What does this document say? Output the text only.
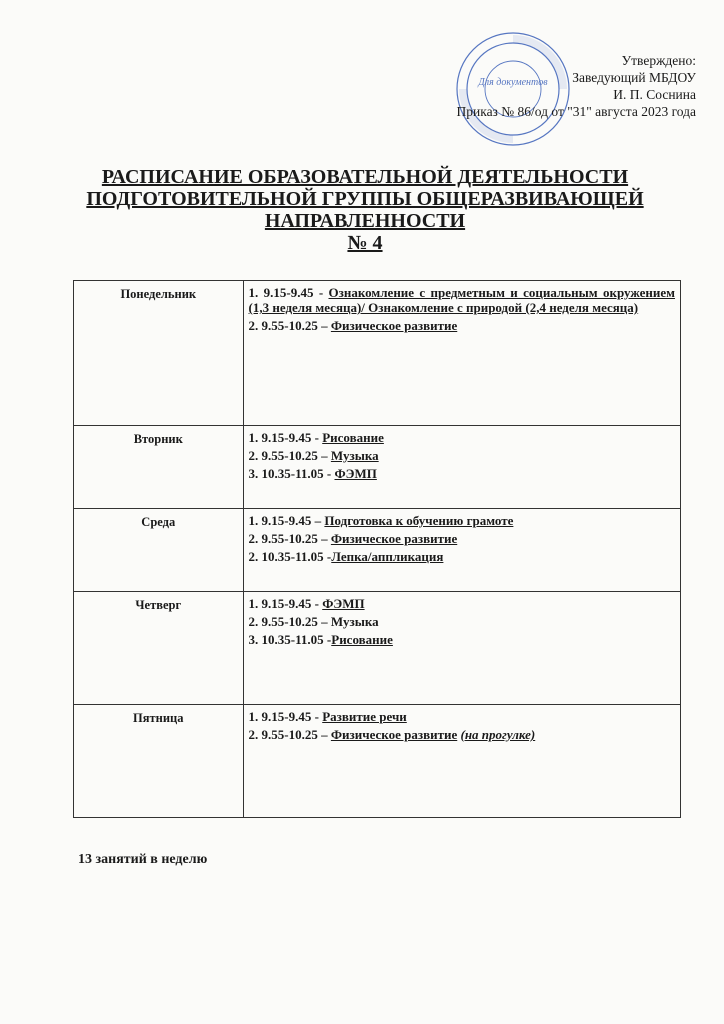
Для документов
Утверждено:
Заведующий МБДОУ
И. П. Соснина
Приказ № 86/од от "31" августа 2023 года
РАСПИСАНИЕ ОБРАЗОВАТЕЛЬНОЙ ДЕЯТЕЛЬНОСТИ
ПОДГОТОВИТЕЛЬНОЙ ГРУППЫ ОБЩЕРАЗВИВАЮЩЕЙ
НАПРАВЛЕННОСТИ
№ 4
Понедельник	1. 9.15-9.45 - Ознакомление с предметным и социальным окружением (1,3 неделя месяца)/ Ознакомление с природой (2,4 неделя месяца)
2. 9.55-10.25 – Физическое развитие

Вторник	1. 9.15-9.45 - Рисование
2. 9.55-10.25 – Музыка
3. 10.35-11.05 - ФЭМП

Среда	1. 9.15-9.45 – Подготовка к обучению грамоте
2. 9.55-10.25 – Физическое развитие
2. 10.35-11.05 -Лепка/аппликация

Четверг	1. 9.15-9.45 - ФЭМП
2. 9.55-10.25 – Музыка
3. 10.35-11.05 -Рисование

Пятница	1. 9.15-9.45 - Развитие речи
2. 9.55-10.25 – Физическое развитие (на прогулке)
13 занятий в неделю
